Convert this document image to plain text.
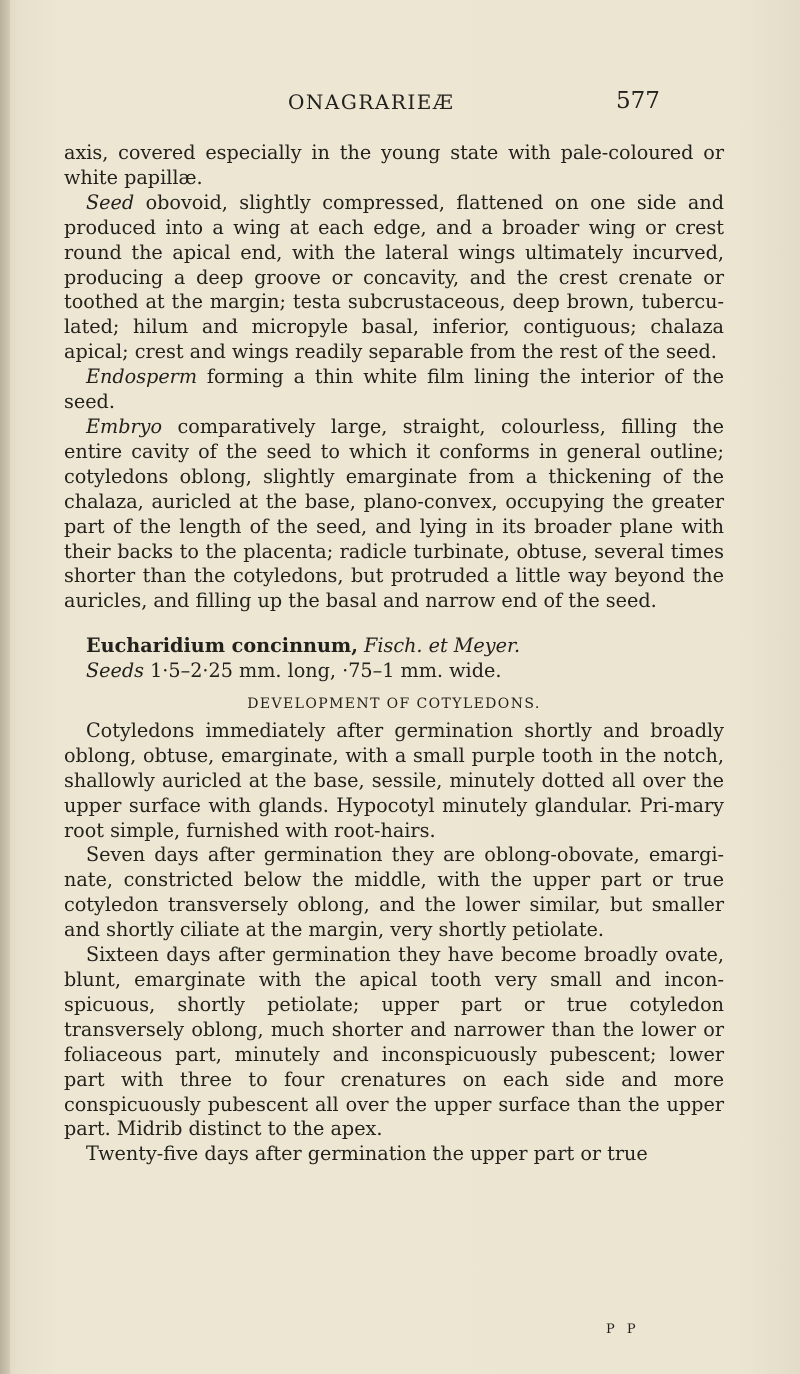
ONAGRARIEÆ	577

axis, covered especially in the young state with pale-coloured or white papillæ.

Seed obovoid, slightly compressed, flattened on one side and produced into a wing at each edge, and a broader wing or crest round the apical end, with the lateral wings ultimately incurved, producing a deep groove or concavity, and the crest crenate or toothed at the margin; testa subcrustaceous, deep brown, tubercu-lated; hilum and micropyle basal, inferior, contiguous; chalaza apical; crest and wings readily separable from the rest of the seed.

Endosperm forming a thin white film lining the interior of the seed.

Embryo comparatively large, straight, colourless, filling the entire cavity of the seed to which it conforms in general outline; cotyledons oblong, slightly emarginate from a thickening of the chalaza, auricled at the base, plano-convex, occupying the greater part of the length of the seed, and lying in its broader plane with their backs to the placenta; radicle turbinate, obtuse, several times shorter than the cotyledons, but protruded a little way beyond the auricles, and filling up the basal and narrow end of the seed.

Eucharidium concinnum, Fisch. et Meyer.

Seeds 1·5–2·25 mm. long, ·75–1 mm. wide.

DEVELOPMENT OF COTYLEDONS.

Cotyledons immediately after germination shortly and broadly oblong, obtuse, emarginate, with a small purple tooth in the notch, shallowly auricled at the base, sessile, minutely dotted all over the upper surface with glands. Hypocotyl minutely glandular. Pri-mary root simple, furnished with root-hairs.

Seven days after germination they are oblong-obovate, emargi-nate, constricted below the middle, with the upper part or true cotyledon transversely oblong, and the lower similar, but smaller and shortly ciliate at the margin, very shortly petiolate.

Sixteen days after germination they have become broadly ovate, blunt, emarginate with the apical tooth very small and incon-spicuous, shortly petiolate; upper part or true cotyledon transversely oblong, much shorter and narrower than the lower or foliaceous part, minutely and inconspicuously pubescent; lower part with three to four crenatures on each side and more conspicuously pubescent all over the upper surface than the upper part. Midrib distinct to the apex.

Twenty-five days after germination the upper part or true

P P
